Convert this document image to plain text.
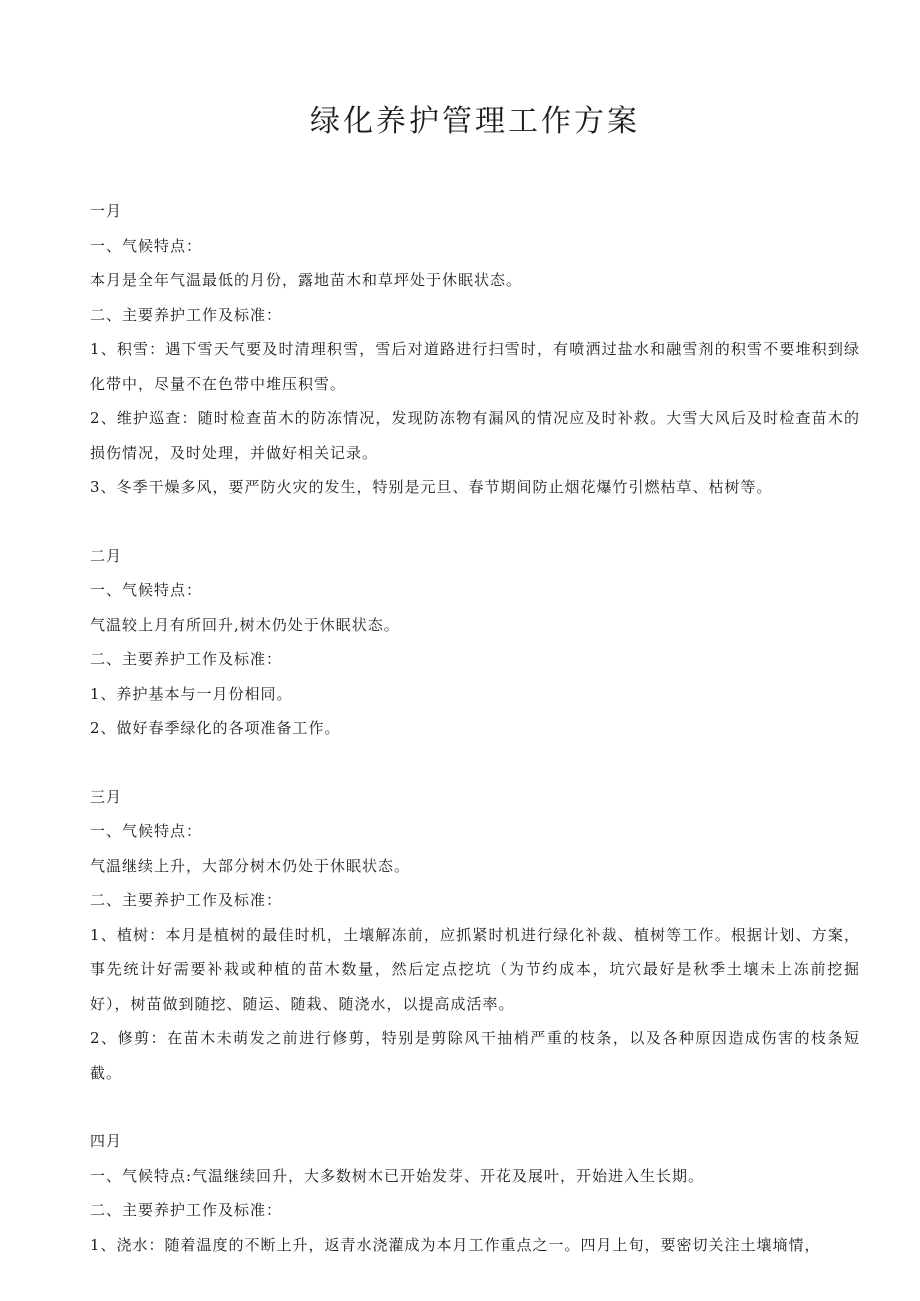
绿化养护管理工作方案

一月

一、气候特点：

本月是全年气温最低的月份，露地苗木和草坪处于休眠状态。

二、主要养护工作及标准：

1、积雪：遇下雪天气要及时清理积雪，雪后对道路进行扫雪时，有喷洒过盐水和融雪剂的积雪不要堆积到绿化带中，尽量不在色带中堆压积雪。

2、维护巡查：随时检查苗木的防冻情况，发现防冻物有漏风的情况应及时补救。大雪大风后及时检查苗木的损伤情况，及时处理，并做好相关记录。

3、冬季干燥多风，要严防火灾的发生，特别是元旦、春节期间防止烟花爆竹引燃枯草、枯树等。

二月

一、气候特点：

气温较上月有所回升,树木仍处于休眠状态。

二、主要养护工作及标准：

1、养护基本与一月份相同。

2、做好春季绿化的各项准备工作。

三月

一、气候特点：

气温继续上升，大部分树木仍处于休眠状态。

二、主要养护工作及标准：

1、植树：本月是植树的最佳时机，土壤解冻前，应抓紧时机进行绿化补裁、植树等工作。根据计划、方案，事先统计好需要补栽或种植的苗木数量，然后定点挖坑（为节约成本，坑穴最好是秋季土壤未上冻前挖掘好），树苗做到随挖、随运、随栽、随浇水，以提高成活率。

2、修剪：在苗木未萌发之前进行修剪，特别是剪除风干抽梢严重的枝条，以及各种原因造成伤害的枝条短截。

四月

一、气候特点:气温继续回升，大多数树木已开始发芽、开花及展叶，开始进入生长期。

二、主要养护工作及标准：

1、浇水：随着温度的不断上升，返青水浇灌成为本月工作重点之一。四月上旬，要密切关注土壤墒情，
